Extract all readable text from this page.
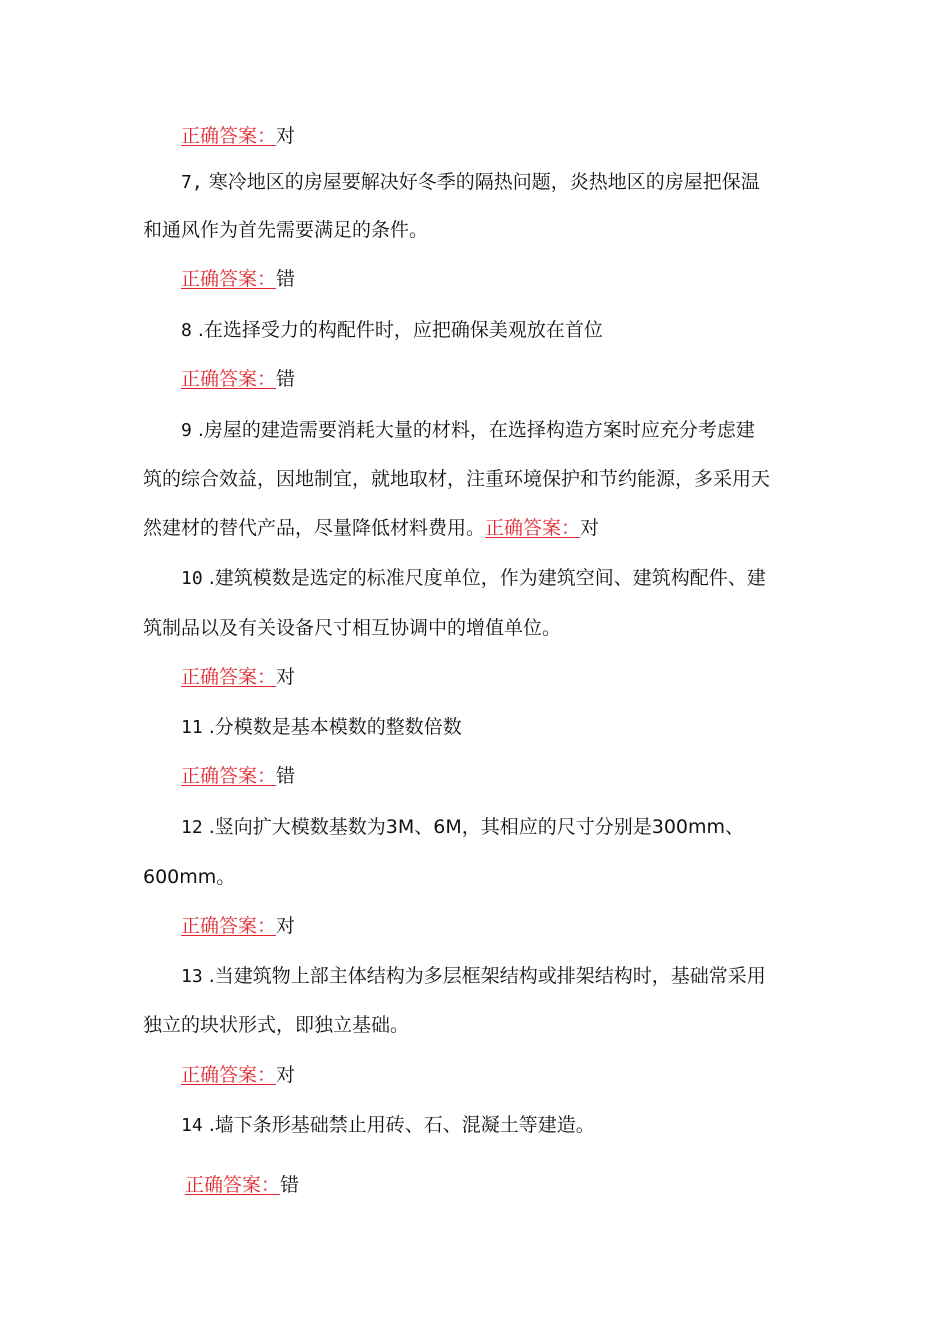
正确答案：对
7, 寒冷地区的房屋要解决好冬季的隔热问题，炎热地区的房屋把保温
和通风作为首先需要满足的条件。
正确答案：错
8 .在选择受力的构配件时，应把确保美观放在首位
正确答案：错
9 .房屋的建造需要消耗大量的材料，在选择构造方案时应充分考虑建
筑的综合效益，因地制宜，就地取材，注重环境保护和节约能源，多采用天
然建材的替代产品，尽量降低材料费用。正确答案：对
10 .建筑模数是选定的标准尺度单位，作为建筑空间、建筑构配件、建
筑制品以及有关设备尺寸相互协调中的增值单位。
正确答案：对
11 .分模数是基本模数的整数倍数
正确答案：错
12 .竖向扩大模数基数为3M、6M，其相应的尺寸分别是300mm、
600mm。
正确答案：对
13 .当建筑物上部主体结构为多层框架结构或排架结构时，基础常采用
独立的块状形式，即独立基础。
正确答案：对
14 .墙下条形基础禁止用砖、石、混凝土等建造。
正确答案：错
